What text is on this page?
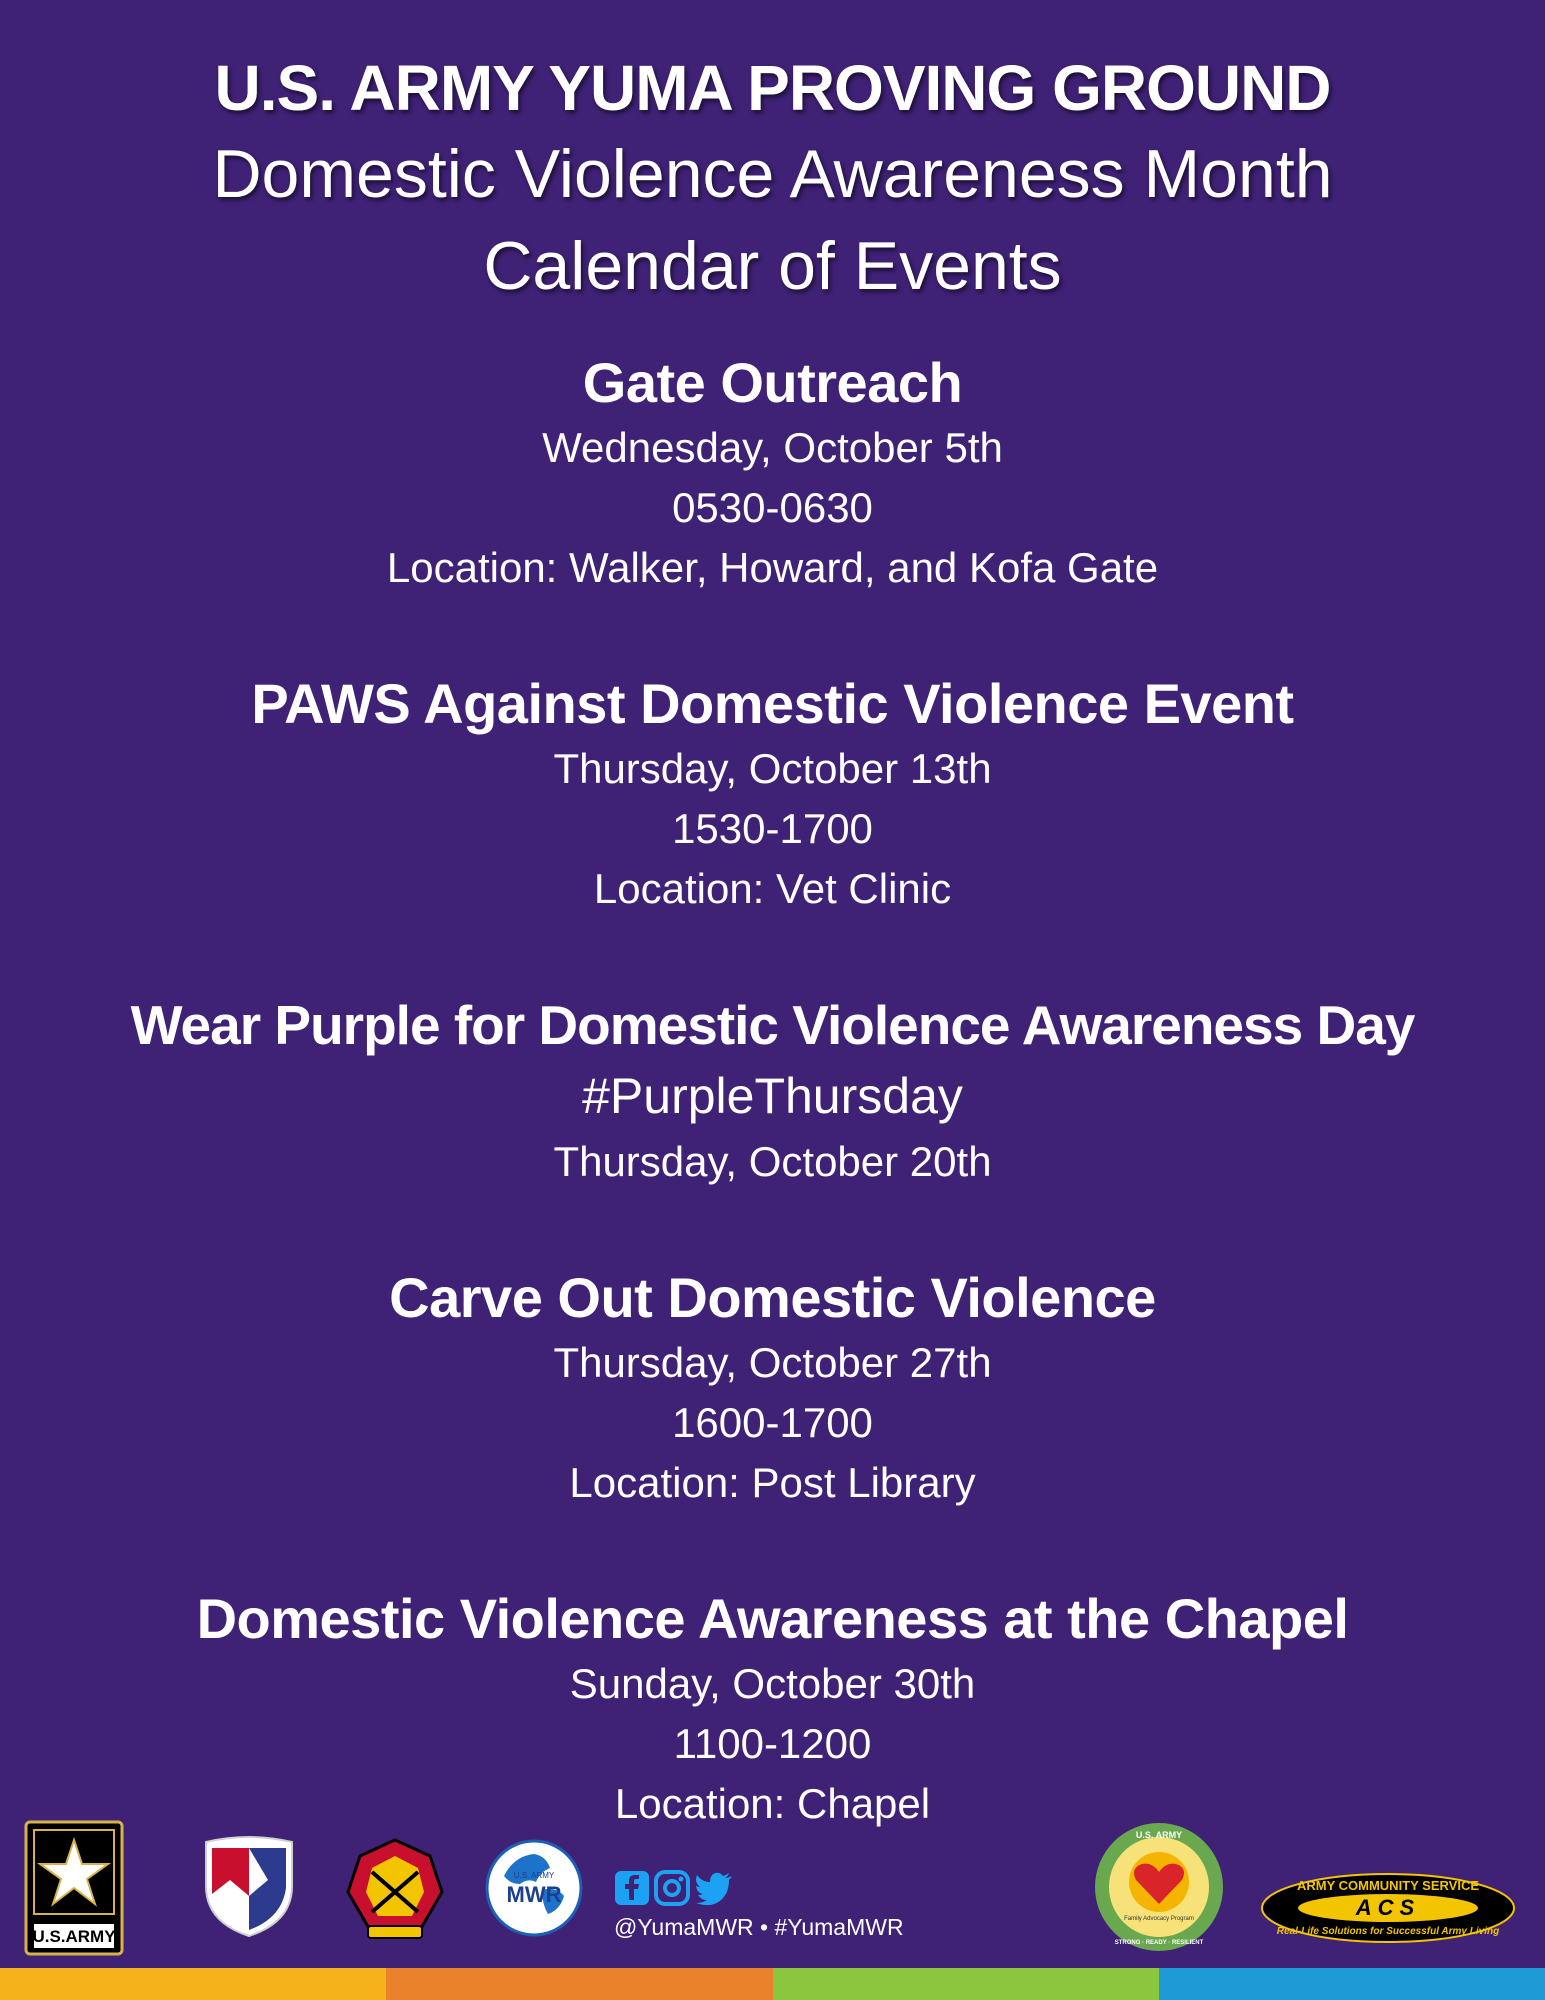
U.S. ARMY YUMA PROVING GROUND
Domestic Violence Awareness Month
Calendar of Events
Gate Outreach
Wednesday, October 5th
0530-0630
Location: Walker, Howard, and Kofa Gate
PAWS Against Domestic Violence Event
Thursday, October 13th
1530-1700
Location: Vet Clinic
Wear Purple for Domestic Violence Awareness Day
#PurpleThursday
Thursday, October 20th
Carve Out Domestic Violence
Thursday, October 27th
1600-1700
Location: Post Library
Domestic Violence Awareness at the Chapel
Sunday, October 30th
1100-1200
Location: Chapel
U.S.ARMY
U.S. ARMY
MWR
@YumaMWR • #YumaMWR
U.S. ARMY
Family Advocacy Program
STRONG · READY · RESILIENT
ARMY COMMUNITY SERVICE
ACS
Real-Life Solutions for Successful Army Living
